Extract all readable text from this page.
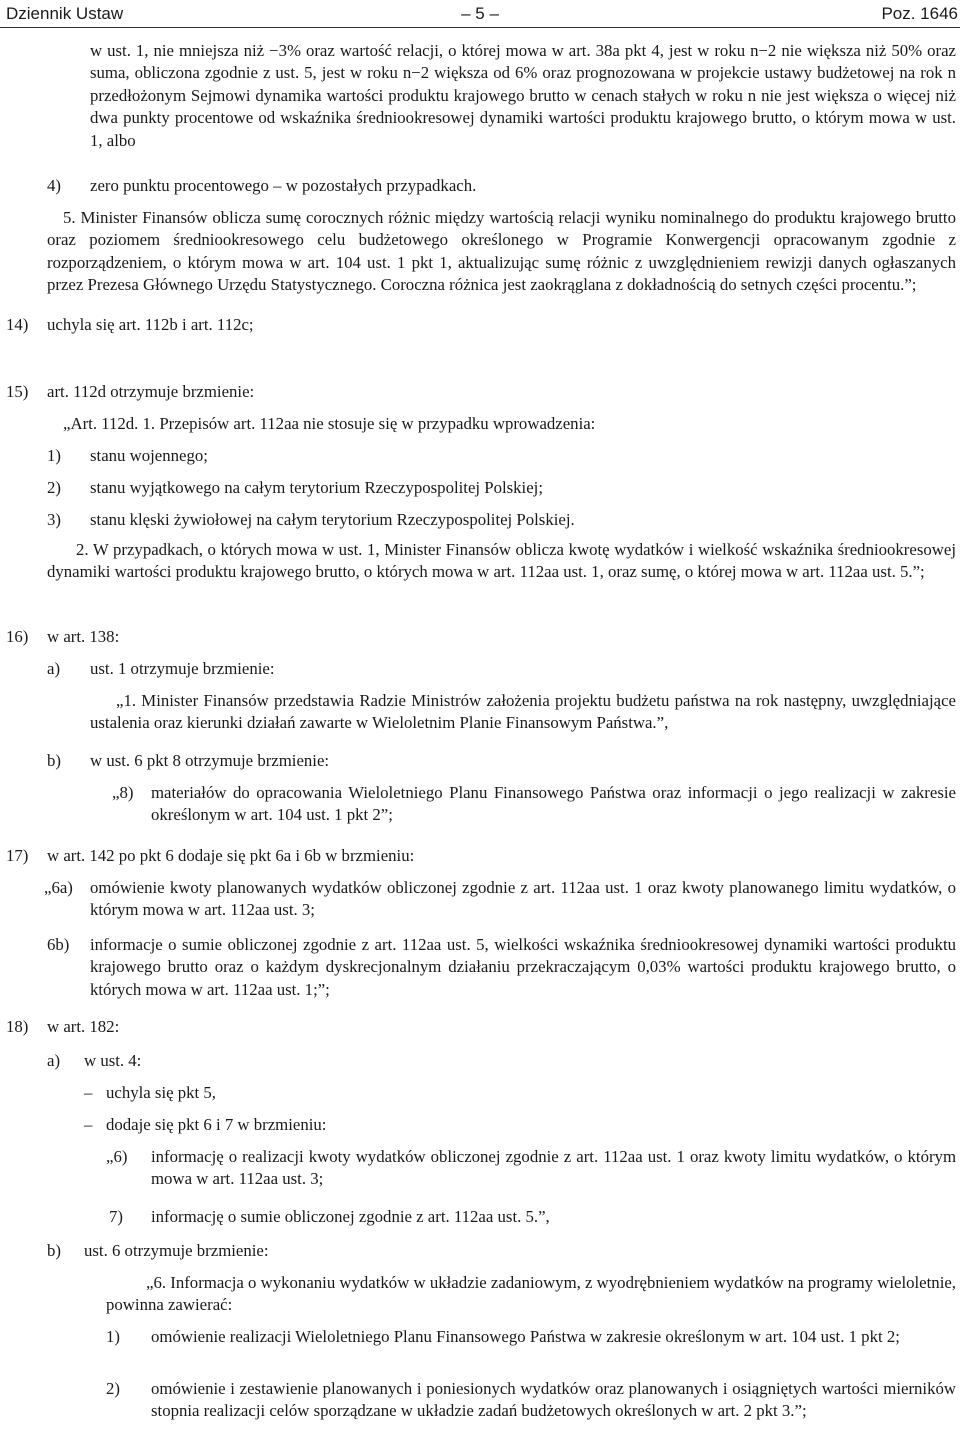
Dziennik Ustaw	– 5 –	Poz. 1646
w ust. 1, nie mniejsza niż −3% oraz wartość relacji, o której mowa w art. 38a pkt 4, jest w roku n−2 nie większa niż 50% oraz suma, obliczona zgodnie z ust. 5, jest w roku n−2 większa od 6% oraz prognozowana w projekcie ustawy budżetowej na rok n przedłożonym Sejmowi dynamika wartości produktu krajowego brutto w cenach stałych w roku n nie jest większa o więcej niż dwa punkty procentowe od wskaźnika średniookresowej dynamiki wartości produktu krajowego brutto, o którym mowa w ust. 1, albo
4) zero punktu procentowego – w pozostałych przypadkach.
5. Minister Finansów oblicza sumę corocznych różnic między wartością relacji wyniku nominalnego do produktu krajowego brutto oraz poziomem średniookresowego celu budżetowego określonego w Programie Konwergencji opracowanym zgodnie z rozporządzeniem, o którym mowa w art. 104 ust. 1 pkt 1, aktualizując sumę różnic z uwzględnieniem rewizji danych ogłaszanych przez Prezesa Głównego Urzędu Statystycznego. Coroczna różnica jest zaokrąglana z dokładnością do setnych części procentu.”;
14) uchyla się art. 112b i art. 112c;
15) art. 112d otrzymuje brzmienie:
„Art. 112d. 1. Przepisów art. 112aa nie stosuje się w przypadku wprowadzenia:
1) stanu wojennego;
2) stanu wyjątkowego na całym terytorium Rzeczypospolitej Polskiej;
3) stanu klęski żywiołowej na całym terytorium Rzeczypospolitej Polskiej.
2. W przypadkach, o których mowa w ust. 1, Minister Finansów oblicza kwotę wydatków i wielkość wskaźnika średniookresowej dynamiki wartości produktu krajowego brutto, o których mowa w art. 112aa ust. 1, oraz sumę, o której mowa w art. 112aa ust. 5.”;
16) w art. 138:
a) ust. 1 otrzymuje brzmienie:
„1. Minister Finansów przedstawia Radzie Ministrów założenia projektu budżetu państwa na rok następny, uwzględniające ustalenia oraz kierunki działań zawarte w Wieloletnim Planie Finansowym Państwa.”,
b) w ust. 6 pkt 8 otrzymuje brzmienie:
„8) materiałów do opracowania Wieloletniego Planu Finansowego Państwa oraz informacji o jego realizacji w zakresie określonym w art. 104 ust. 1 pkt 2”;
17) w art. 142 po pkt 6 dodaje się pkt 6a i 6b w brzmieniu:
„6a) omówienie kwoty planowanych wydatków obliczonej zgodnie z art. 112aa ust. 1 oraz kwoty planowanego limitu wydatków, o którym mowa w art. 112aa ust. 3;
6b) informacje o sumie obliczonej zgodnie z art. 112aa ust. 5, wielkości wskaźnika średniookresowej dynamiki wartości produktu krajowego brutto oraz o każdym dyskrecjonalnym działaniu przekraczającym 0,03% wartości produktu krajowego brutto, o których mowa w art. 112aa ust. 1;”;
18) w art. 182:
a) w ust. 4:
– uchyla się pkt 5,
– dodaje się pkt 6 i 7 w brzmieniu:
„6) informację o realizacji kwoty wydatków obliczonej zgodnie z art. 112aa ust. 1 oraz kwoty limitu wydatków, o którym mowa w art. 112aa ust. 3;
7) informację o sumie obliczonej zgodnie z art. 112aa ust. 5.”,
b) ust. 6 otrzymuje brzmienie:
„6. Informacja o wykonaniu wydatków w układzie zadaniowym, z wyodrębnieniem wydatków na programy wieloletnie, powinna zawierać:
1) omówienie realizacji Wieloletniego Planu Finansowego Państwa w zakresie określonym w art. 104 ust. 1 pkt 2;
2) omówienie i zestawienie planowanych i poniesionych wydatków oraz planowanych i osiągniętych wartości mierników stopnia realizacji celów sporządzane w układzie zadań budżetowych określonych w art. 2 pkt 3.”;
